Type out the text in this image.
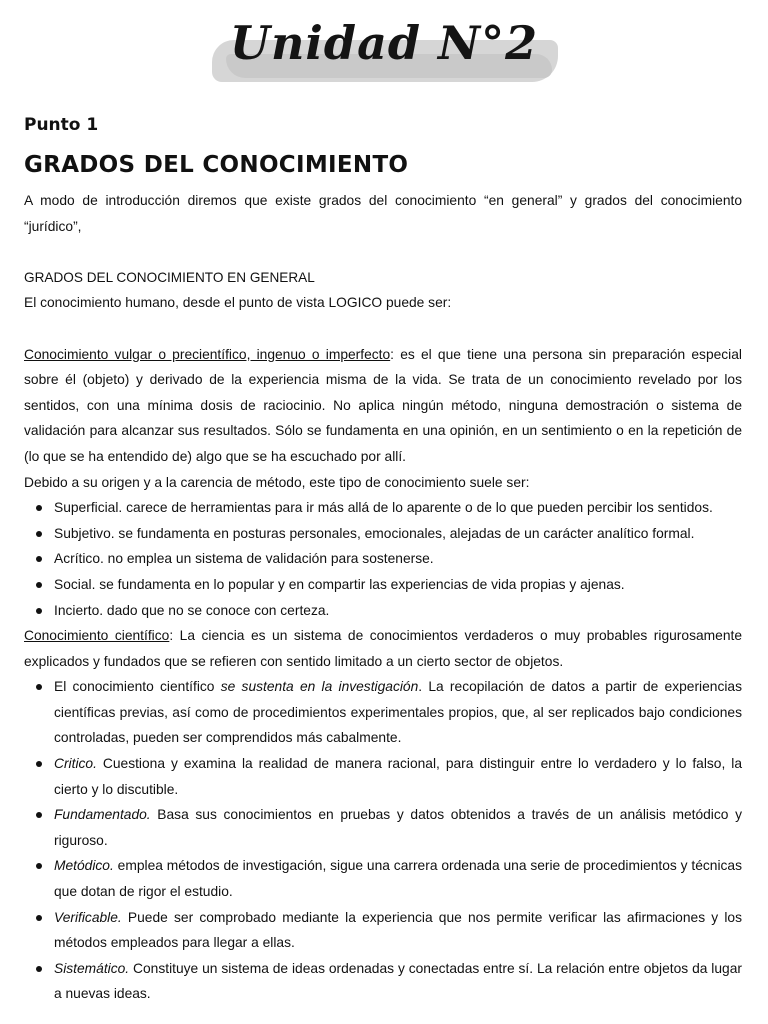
Unidad N°2
Punto 1
GRADOS DEL CONOCIMIENTO

A modo de introducción diremos que existe grados del conocimiento “en general” y grados del conocimiento “jurídico”,

GRADOS DEL CONOCIMIENTO EN GENERAL

El conocimiento humano, desde el punto de vista LOGICO puede ser:

Conocimiento vulgar o precientífico, ingenuo o imperfecto: es el que tiene una persona sin preparación especial sobre él (objeto) y derivado de la experiencia misma de la vida. Se trata de un conocimiento revelado por los sentidos, con una mínima dosis de raciocinio. No aplica ningún método, ninguna demostración o sistema de validación para alcanzar sus resultados. Sólo se fundamenta en una opinión, en un sentimiento o en la repetición de (lo que se ha entendido de) algo que se ha escuchado por allí.

Debido a su origen y a la carencia de método, este tipo de conocimiento suele ser:

Superficial. carece de herramientas para ir más allá de lo aparente o de lo que pueden percibir los sentidos.
Subjetivo. se fundamenta en posturas personales, emocionales, alejadas de un carácter analítico formal.
Acrítico. no emplea un sistema de validación para sostenerse.
Social. se fundamenta en lo popular y en compartir las experiencias de vida propias y ajenas.
Incierto. dado que no se conoce con certeza.

Conocimiento científico: La ciencia es un sistema de conocimientos verdaderos o muy probables rigurosamente explicados y fundados que se refieren con sentido limitado a un cierto sector de objetos.

El conocimiento científico se sustenta en la investigación. La recopilación de datos a partir de experiencias científicas previas, así como de procedimientos experimentales propios, que, al ser replicados bajo condiciones controladas, pueden ser comprendidos más cabalmente.
Critico. Cuestiona y examina la realidad de manera racional, para distinguir entre lo verdadero y lo falso, la cierto y lo discutible.
Fundamentado. Basa sus conocimientos en pruebas y datos obtenidos a través de un análisis metódico y riguroso.
Metódico. emplea métodos de investigación, sigue una carrera ordenada una serie de procedimientos y técnicas que dotan de rigor el estudio.
Verificable. Puede ser comprobado mediante la experiencia que nos permite verificar las afirmaciones y los métodos empleados para llegar a ellas.
Sistemático. Constituye un sistema de ideas ordenadas y conectadas entre sí. La relación entre objetos da lugar a nuevas ideas.
